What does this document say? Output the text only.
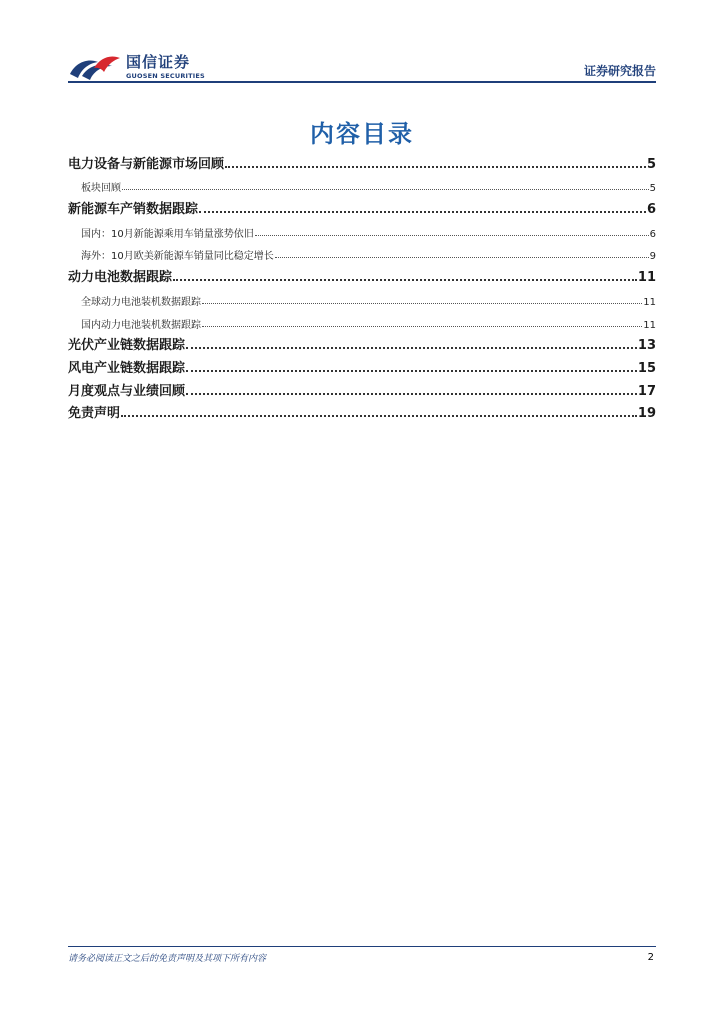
国信证券
GUOSEN SECURITIES	证券研究报告
内容目录
电力设备与新能源市场回顾	5
板块回顾	5
新能源车产销数据跟踪	6
国内：10月新能源乘用车销量涨势依旧	6
海外：10月欧美新能源车销量同比稳定增长	9
动力电池数据跟踪	11
全球动力电池装机数据跟踪	11
国内动力电池装机数据跟踪	11
光伏产业链数据跟踪	13
风电产业链数据跟踪	15
月度观点与业绩回顾	17
免责声明	19
请务必阅读正文之后的免责声明及其项下所有内容	2
